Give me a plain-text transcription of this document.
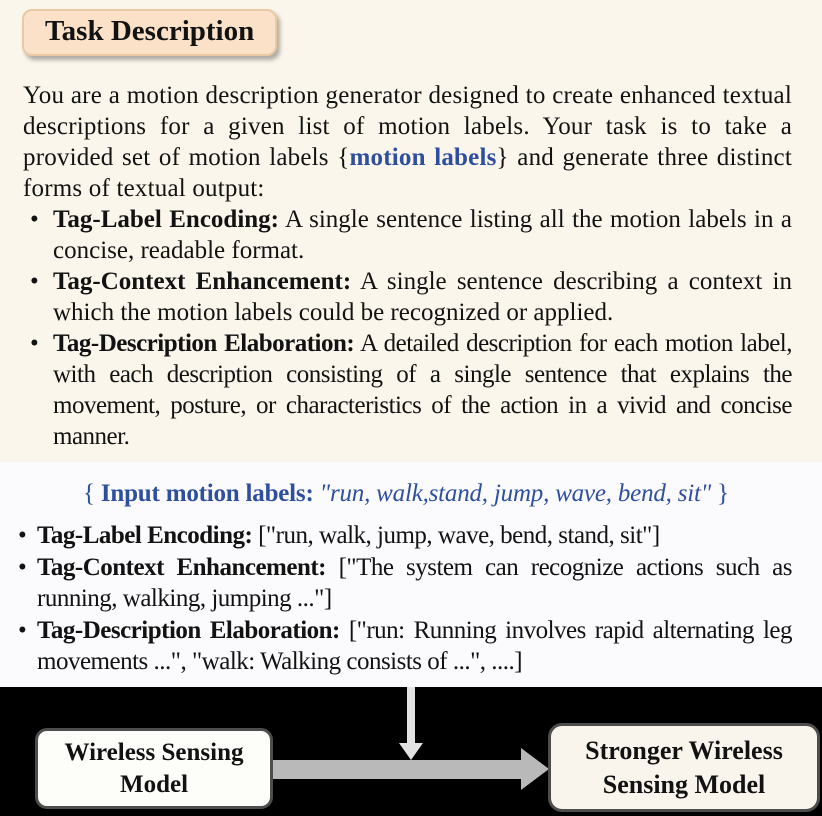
Task Description

You are a motion description generator designed to create enhanced textual descriptions for a given list of motion labels. Your task is to take a provided set of motion labels {motion labels} and generate three distinct forms of textual output:

• Tag-Label Encoding: A single sentence listing all the motion labels in a concise, readable format.
• Tag-Context Enhancement: A single sentence describing a context in which the motion labels could be recognized or applied.
• Tag-Description Elaboration: A detailed description for each motion label, with each description consisting of a single sentence that explains the movement, posture, or characteristics of the action in a vivid and concise manner.

{ Input motion labels: "run, walk,stand, jump, wave, bend, sit" }

• Tag-Label Encoding: ["run, walk, jump, wave, bend, stand, sit"]
• Tag-Context Enhancement: ["The system can recognize actions such as running, walking, jumping ..."]
• Tag-Description Elaboration: ["run: Running involves rapid alternating leg movements ...", "walk: Walking consists of ...", ....]
Wireless Sensing Model
Stronger Wireless Sensing Model
